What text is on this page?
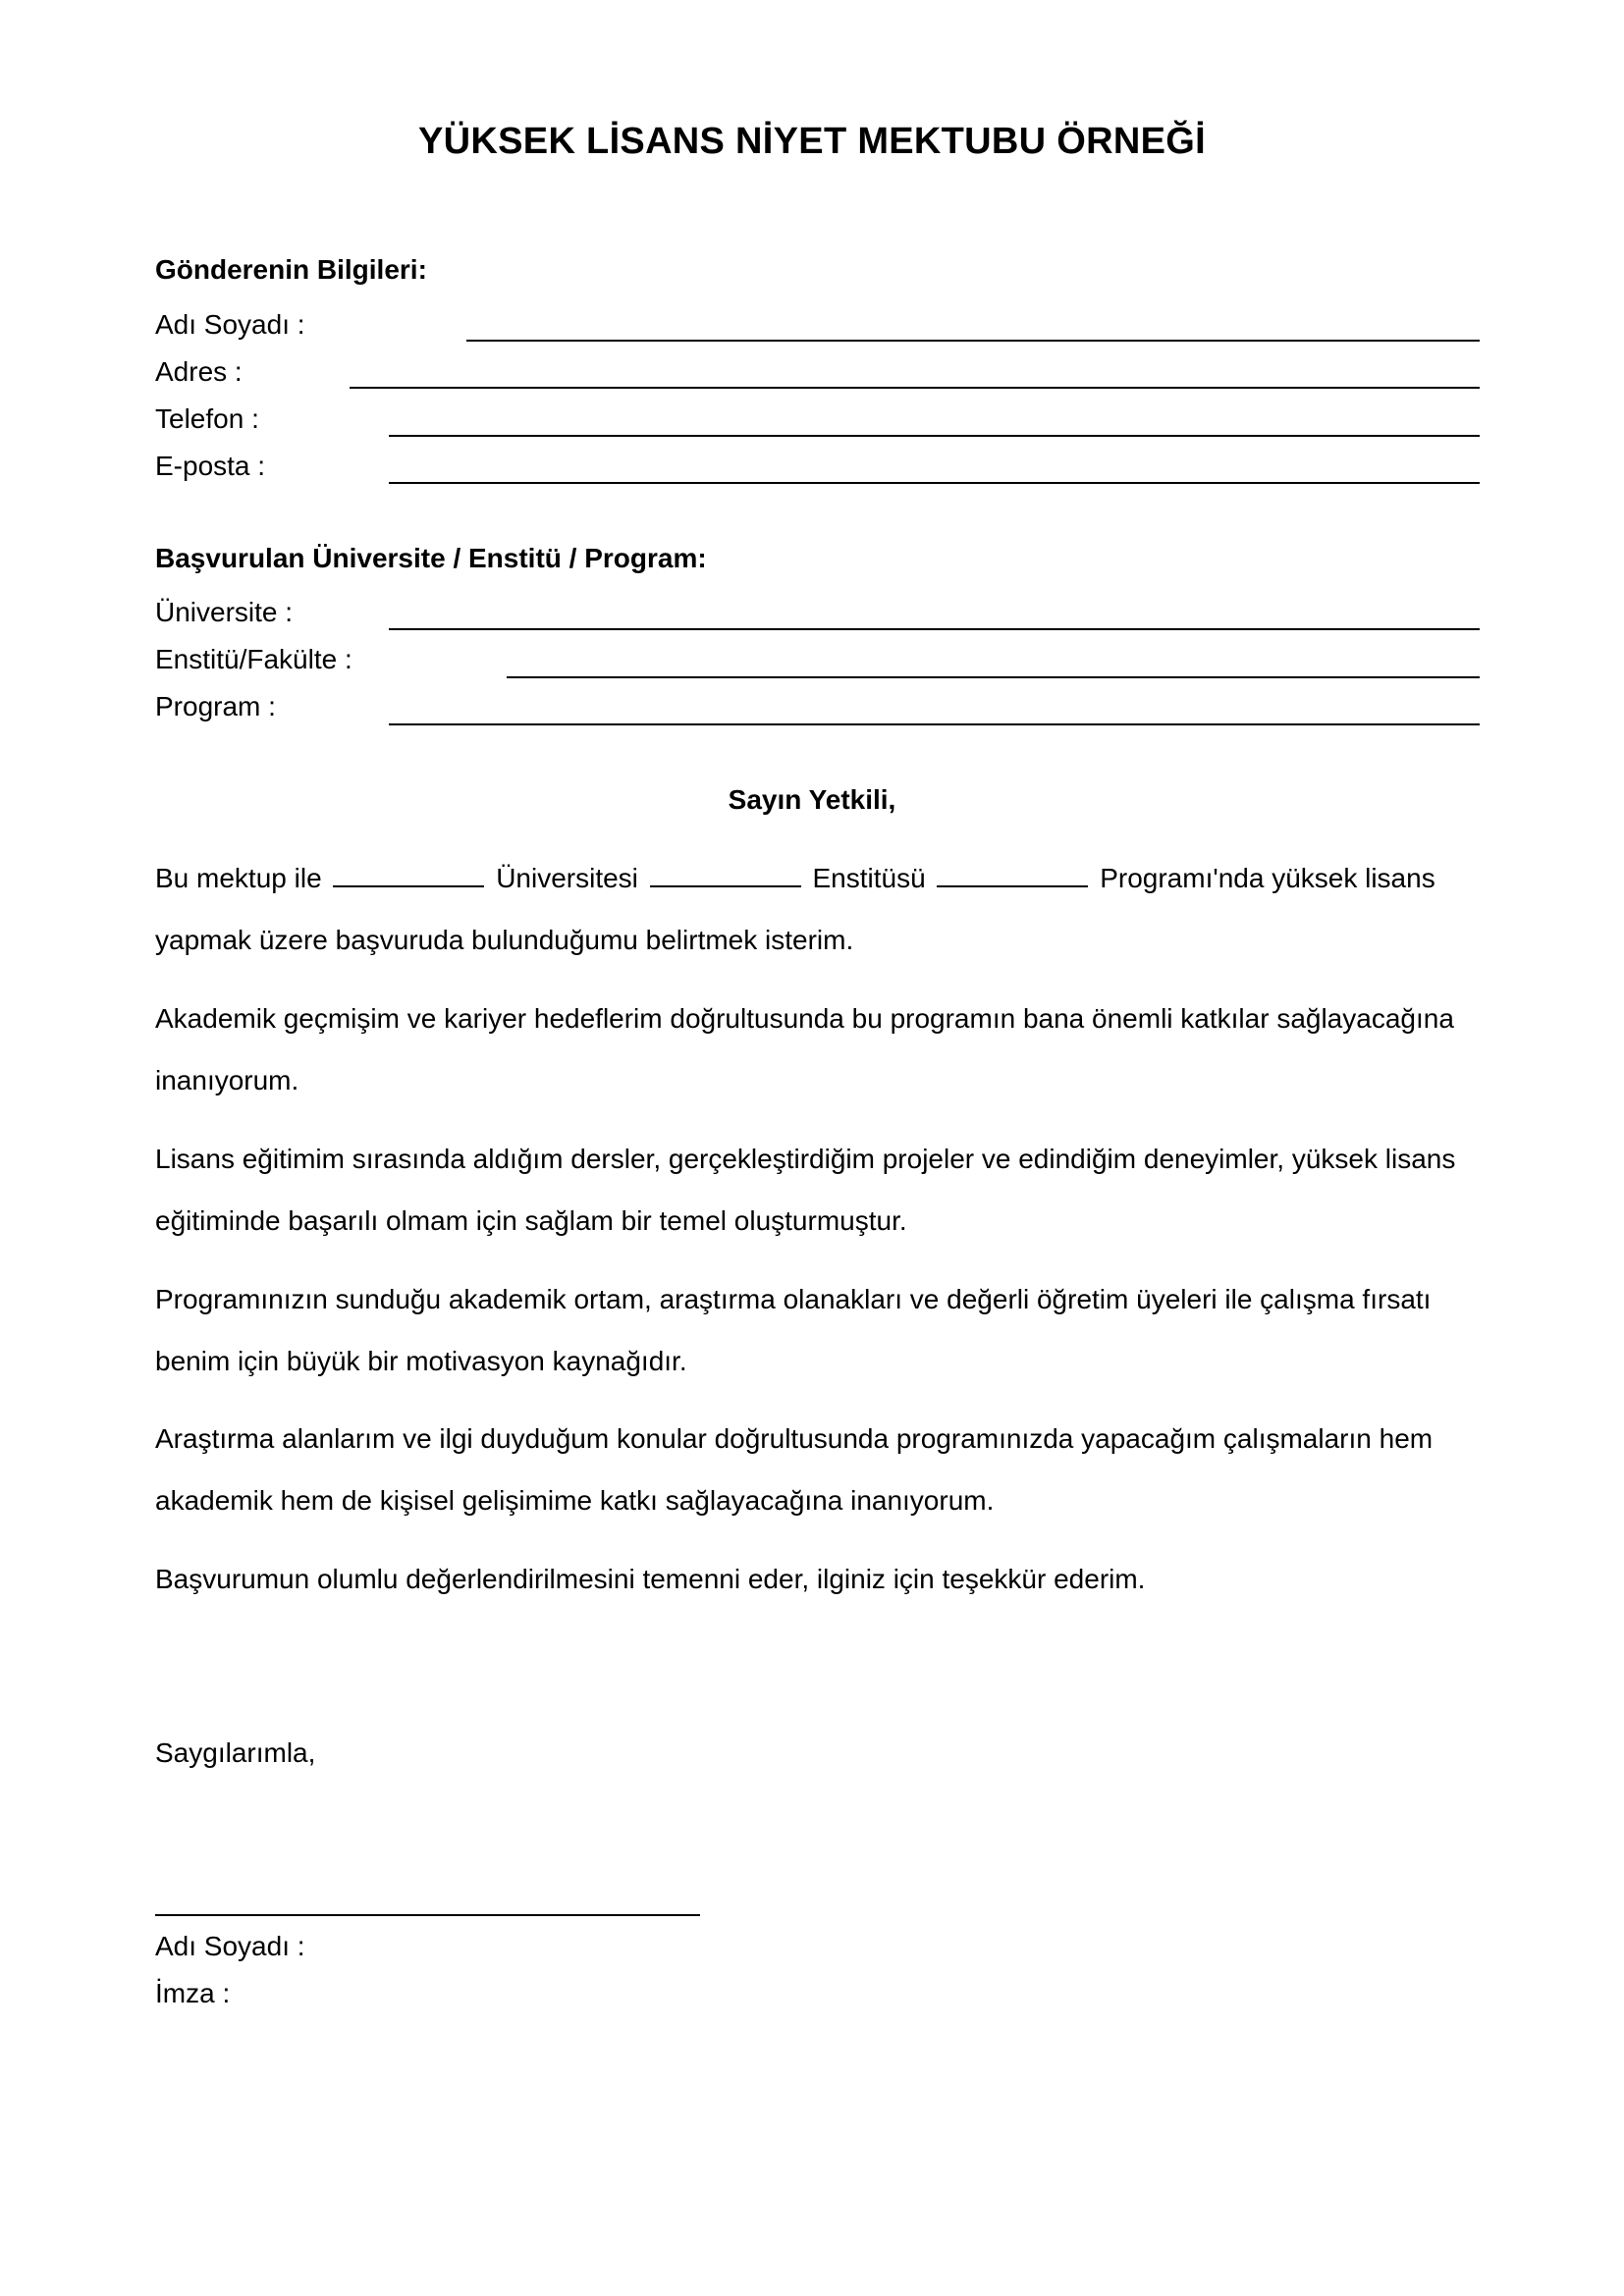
YÜKSEK LİSANS NİYET MEKTUBU ÖRNEĞİ
Gönderenin Bilgileri:
Adı Soyadı :
Adres :
Telefon :
E-posta :
Başvurulan Üniversite / Enstitü / Program:
Üniversite :
Enstitü/Fakülte :
Program :
Sayın Yetkili,
Bu mektup ile	Üniversitesi	Enstitüsü	Programı'nda yüksek lisans yapmak üzere başvuruda bulunduğumu belirtmek isterim.
Akademik geçmişim ve kariyer hedeflerim doğrultusunda bu programın bana önemli katkılar sağlayacağına inanıyorum.
Lisans eğitimim sırasında aldığım dersler, gerçekleştirdiğim projeler ve edindiğim deneyimler, yüksek lisans eğitiminde başarılı olmam için sağlam bir temel oluşturmuştur.
Programınızın sunduğu akademik ortam, araştırma olanakları ve değerli öğretim üyeleri ile çalışma fırsatı benim için büyük bir motivasyon kaynağıdır.
Araştırma alanlarım ve ilgi duyduğum konular doğrultusunda programınızda yapacağım çalışmaların hem akademik hem de kişisel gelişimime katkı sağlayacağına inanıyorum.
Başvurumun olumlu değerlendirilmesini temenni eder, ilginiz için teşekkür ederim.
Saygılarımla,
Adı Soyadı :
İmza :
